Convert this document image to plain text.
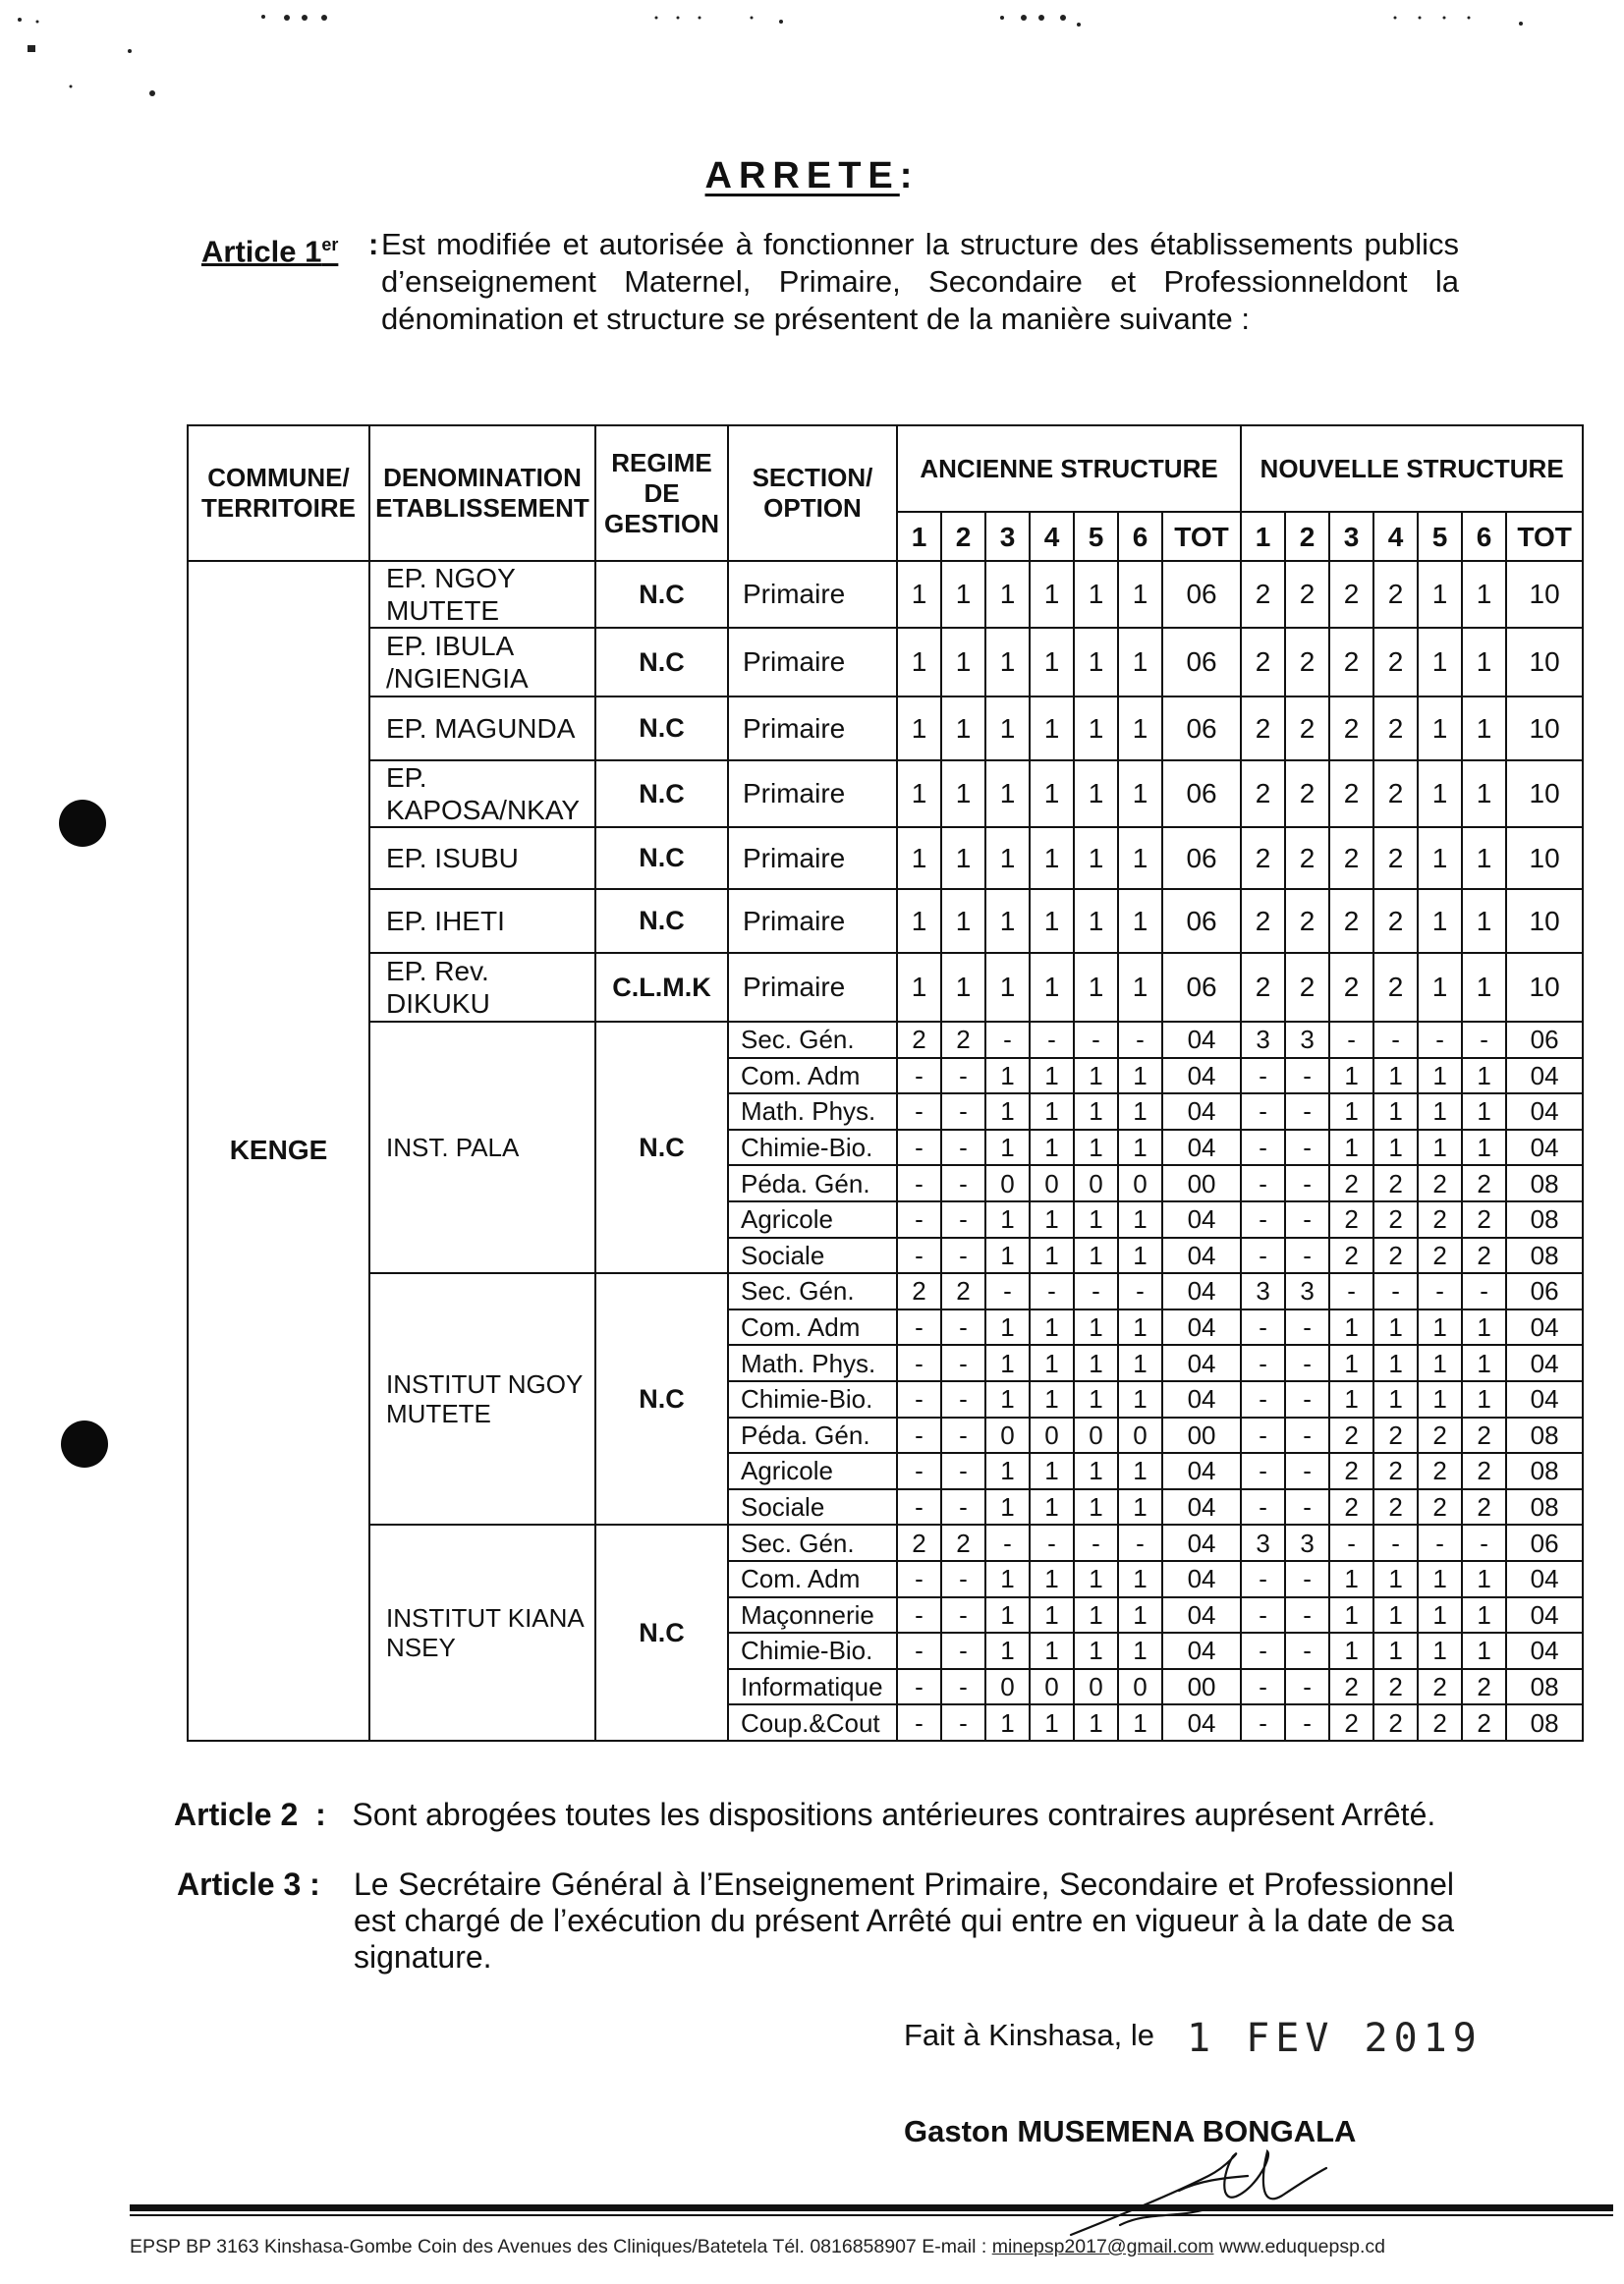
ARRETE:
Article 1er : Est modifiée et autorisée à fonctionner la structure des établissements publics d’enseignement Maternel, Primaire, Secondaire et Professionneldont la dénomination et structure se présentent de la manière suivante :
COMMUNE/ TERRITOIRE	DENOMINATION ETABLISSEMENT	REGIME DE GESTION	SECTION/ OPTION	ANCIENNE STRUCTURE							NOUVELLE STRUCTURE						
				1	2	3	4	5	6	TOT	1	2	3	4	5	6	TOT
KENGE	EP. NGOY MUTETE	N.C	Primaire	1	1	1	1	1	1	06	2	2	2	2	1	1	10
	EP. IBULA /NGIENGIA	N.C	Primaire	1	1	1	1	1	1	06	2	2	2	2	1	1	10
	EP. MAGUNDA	N.C	Primaire	1	1	1	1	1	1	06	2	2	2	2	1	1	10
	EP. KAPOSA/NKAY	N.C	Primaire	1	1	1	1	1	1	06	2	2	2	2	1	1	10
	EP. ISUBU	N.C	Primaire	1	1	1	1	1	1	06	2	2	2	2	1	1	10
	EP. IHETI	N.C	Primaire	1	1	1	1	1	1	06	2	2	2	2	1	1	10
	EP. Rev. DIKUKU	C.L.M.K	Primaire	1	1	1	1	1	1	06	2	2	2	2	1	1	10
	INST. PALA	N.C	Sec. Gén.	2	2	-	-	-	-	04	3	3	-	-	-	-	06
			Com. Adm	-	-	1	1	1	1	04	-	-	1	1	1	1	04
			Math. Phys.	-	-	1	1	1	1	04	-	-	1	1	1	1	04
			Chimie-Bio.	-	-	1	1	1	1	04	-	-	1	1	1	1	04
			Péda. Gén.	-	-	0	0	0	0	00	-	-	2	2	2	2	08
			Agricole	-	-	1	1	1	1	04	-	-	2	2	2	2	08
			Sociale	-	-	1	1	1	1	04	-	-	2	2	2	2	08
	INSTITUT NGOY MUTETE	N.C	Sec. Gén.	2	2	-	-	-	-	04	3	3	-	-	-	-	06
			Com. Adm	-	-	1	1	1	1	04	-	-	1	1	1	1	04
			Math. Phys.	-	-	1	1	1	1	04	-	-	1	1	1	1	04
			Chimie-Bio.	-	-	1	1	1	1	04	-	-	1	1	1	1	04
			Péda. Gén.	-	-	0	0	0	0	00	-	-	2	2	2	2	08
			Agricole	-	-	1	1	1	1	04	-	-	2	2	2	2	08
			Sociale	-	-	1	1	1	1	04	-	-	2	2	2	2	08
	INSTITUT KIANA NSEY	N.C	Sec. Gén.	2	2	-	-	-	-	04	3	3	-	-	-	-	06
			Com. Adm	-	-	1	1	1	1	04	-	-	1	1	1	1	04
			Maçonnerie	-	-	1	1	1	1	04	-	-	1	1	1	1	04
			Chimie-Bio.	-	-	1	1	1	1	04	-	-	1	1	1	1	04
			Informatique	-	-	0	0	0	0	00	-	-	2	2	2	2	08
			Coup.&Cout	-	-	1	1	1	1	04	-	-	2	2	2	2	08
Article 2 : Sont abrogées toutes les dispositions antérieures contraires auprésent Arrêté.
Article 3 : Le Secrétaire Général à l’Enseignement Primaire, Secondaire et Professionnel est chargé de l’exécution du présent Arrêté qui entre en vigueur à la date de sa signature.
Fait à Kinshasa, le 1 FEV 2019
Gaston MUSEMENA BONGALA
EPSP BP 3163 Kinshasa-Gombe Coin des Avenues des Cliniques/Batetela Tél. 0816858907 E-mail : minepsp2017@gmail.com www.eduquepsp.cd
